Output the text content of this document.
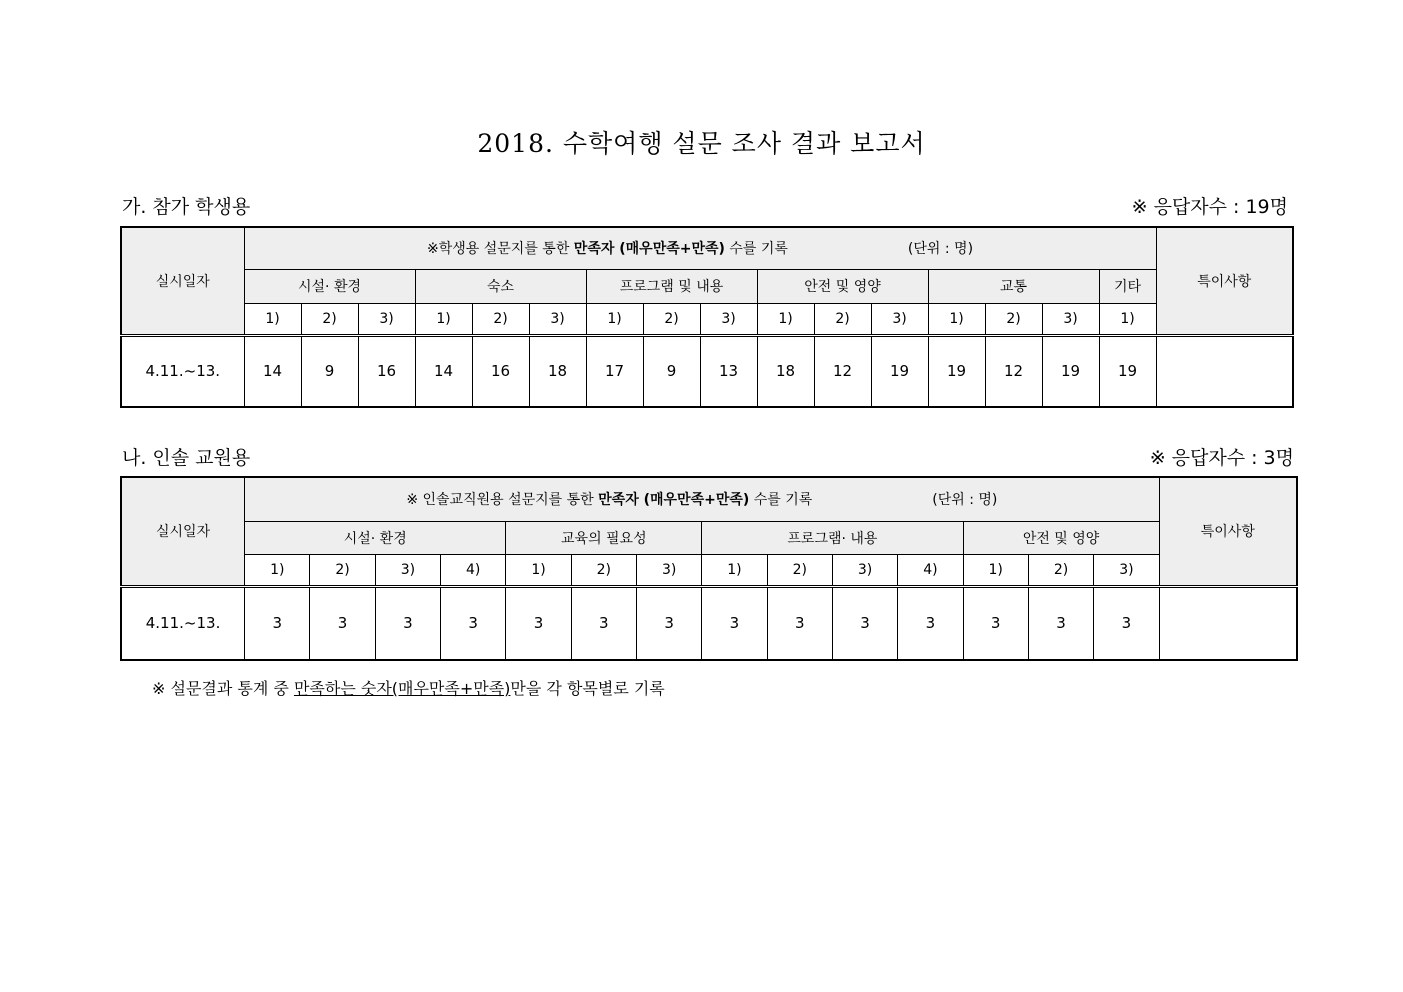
2018. 수학여행 설문 조사 결과 보고서
가. 참가 학생용	※ 응답자수 : 19명
실시일자	※학생용 설문지를 통한 만족자 (매우만족+만족) 수를 기록 (단위 : 명)																특이사항
	시설· 환경			숙소			프로그램 및 내용			안전 및 영양			교통			기타	
	1)	2)	3)	1)	2)	3)	1)	2)	3)	1)	2)	3)	1)	2)	3)	1)	
4.11.~13.	14	9	16	14	16	18	17	9	13	18	12	19	19	12	19	19	
나. 인솔 교원용	※ 응답자수 : 3명
실시일자	※ 인솔교직원용 설문지를 통한 만족자 (매우만족+만족) 수를 기록 (단위 : 명)														특이사항
	시설· 환경				교육의 필요성			프로그램· 내용				안전 및 영양			
	1)	2)	3)	4)	1)	2)	3)	1)	2)	3)	4)	1)	2)	3)	
4.11.~13.	3	3	3	3	3	3	3	3	3	3	3	3	3	3	
※ 설문결과 통계 중 만족하는 숫자(매우만족+만족)만을 각 항목별로 기록
